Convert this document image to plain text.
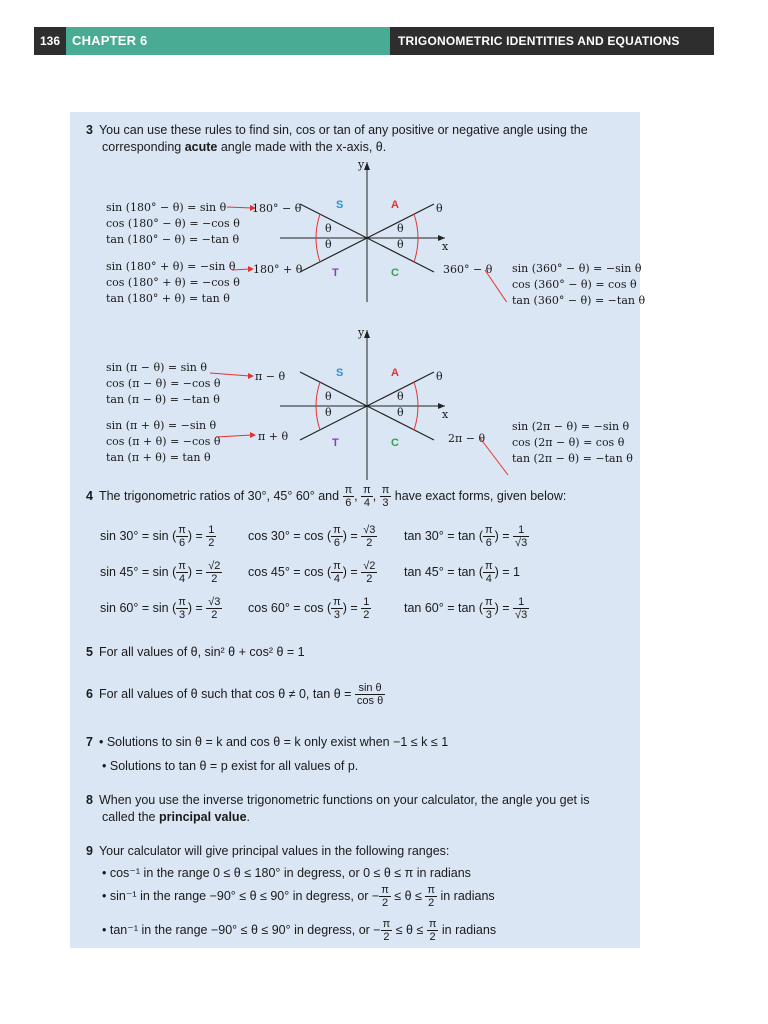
136 CHAPTER 6	TRIGONOMETRIC IDENTITIES AND EQUATIONS
3 You can use these rules to find sin, cos or tan of any positive or negative angle using the
corresponding acute angle made with the x-axis, θ.
y
x
S	A
T	C
θ
θ
θ
θ
θ
180° − θ
180° + θ	360° − θ
sin (180° − θ) = sin θ
cos (180° − θ) = −cos θ
tan (180° − θ) = −tan θ
sin (180° + θ) = −sin θ
cos (180° + θ) = −cos θ
tan (180° + θ) = tan θ
sin (360° − θ) = −sin θ
cos (360° − θ) = cos θ
tan (360° − θ) = −tan θ
y
x
S	A
T	C
θ
θ
θ
θ
θ
π − θ
π + θ	2π − θ
sin (π − θ) = sin θ
cos (π − θ) = −cos θ
tan (π − θ) = −tan θ
sin (π + θ) = −sin θ
cos (π + θ) = −cos θ
tan (π + θ) = tan θ
sin (2π − θ) = −sin θ
cos (2π − θ) = cos θ
tan (2π − θ) = −tan θ
4 The trigonometric ratios of 30°, 45° 60° and $\frac{\pi}{6}$ , $\frac{\pi}{4}$ , $\frac{\pi}{3}$ have exact forms, given below:
sin 30° = sin ( $\frac{\pi}{6}$ ) = $\frac{1}{2}$	cos 30° = cos ( $\frac{\pi}{6}$ ) = $\frac{√3}{2}$ tan 30° = tan ( $\frac{\pi}{6}$ ) = $\frac{1}{√3}$
sin 45° = sin ( $\frac{\pi}{4}$ ) = $\frac{√2}{2}$ cos 45° = cos ( $\frac{\pi}{4}$ ) = $\frac{√2}{2}$ tan 45° = tan ( $\frac{\pi}{4}$ ) = 1
sin 60° = sin ( $\frac{\pi}{3}$ ) = $\frac{√3}{2}$ cos 60° = cos ( $\frac{\pi}{3}$ ) = $\frac{1}{2}$	tan 60° = tan ( $\frac{\pi}{3}$ ) = $\frac{1}{√3}$
5 For all values of θ, sin² θ + cos² θ = 1
6 For all values of θ such that cos θ ≠ 0, $\tan \theta = \frac{\text{sin θ}}{\text{cos θ}}$
7 • Solutions to sin θ = k and cos θ = k only exist when −1 ≤ k ≤ 1
• Solutions to tan θ = p exist for all values of p.
8 When you use the inverse trigonometric functions on your calculator, the angle you get is
called the principal value.
9 Your calculator will give principal values in the following ranges:
• cos⁻¹ in the range 0 ≤ θ ≤ 180° in degress, or 0 ≤ θ ≤ π in radians
• sin⁻¹ in the range −90° ≤ θ ≤ 90° in degress, or − $\frac{\pi}{2} \le \theta \le \frac{\pi}{2}$ in radians
• tan⁻¹ in the range −90° ≤ θ ≤ 90° in degress, or − $\frac{\pi}{2} \le \theta \le \frac{\pi}{2}$ in radians
